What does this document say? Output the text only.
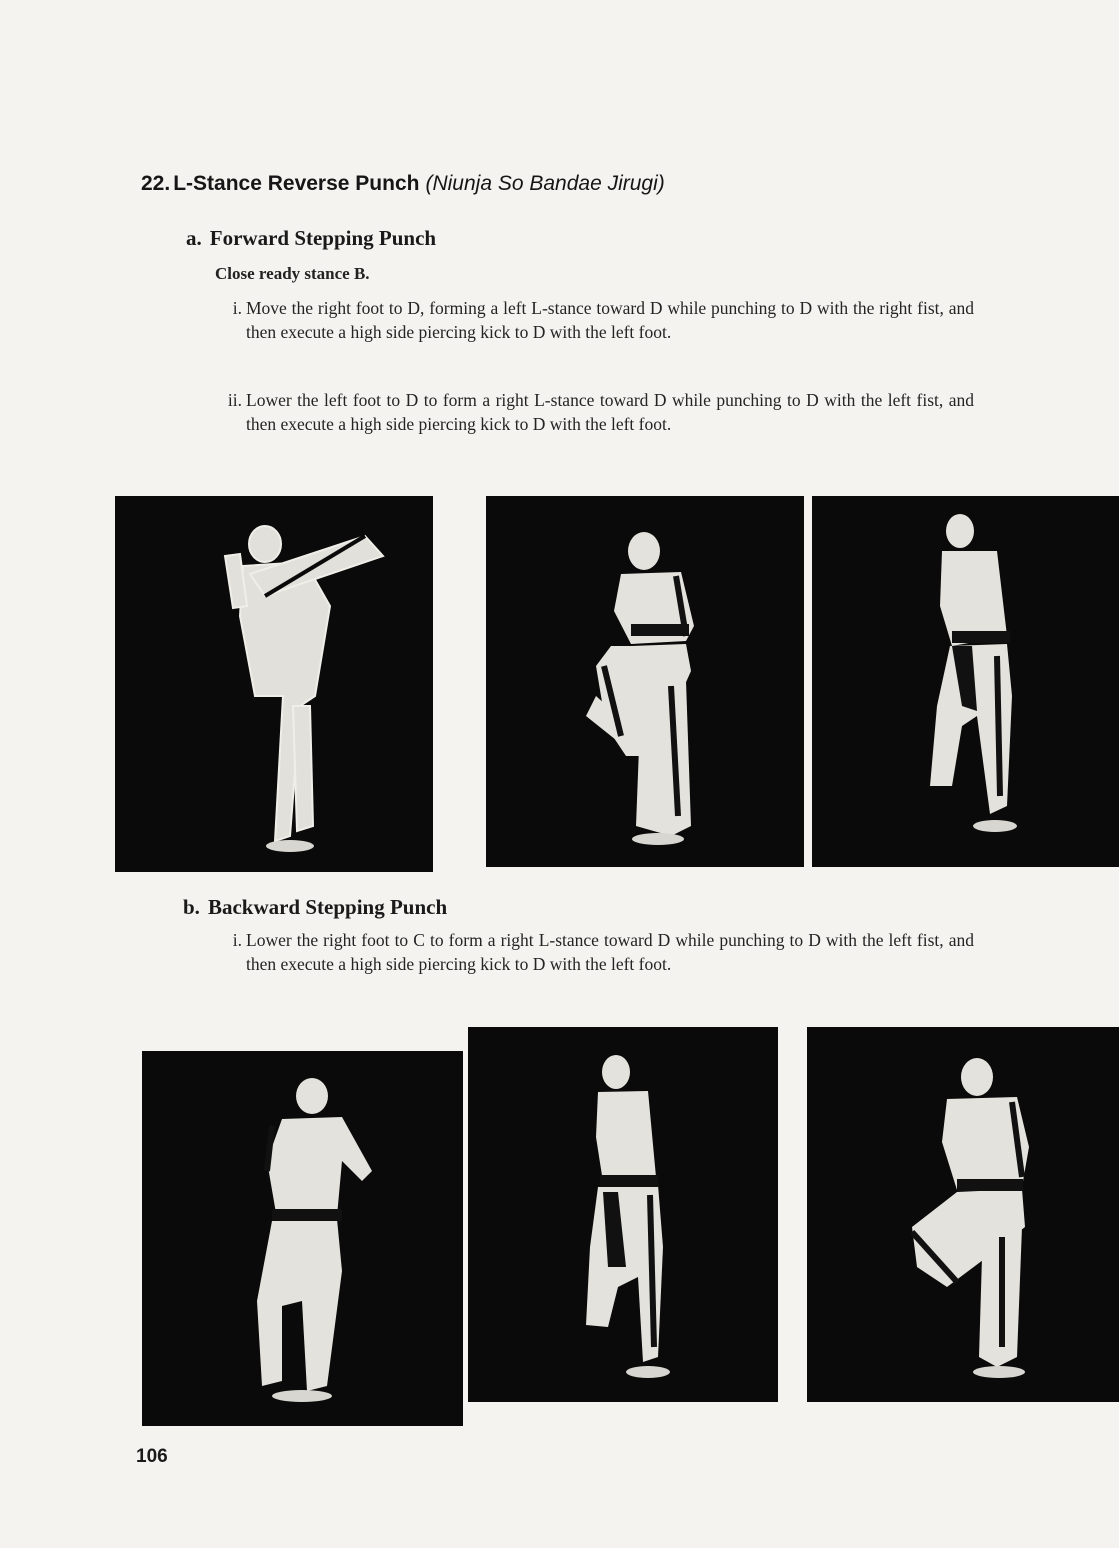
22. L-Stance Reverse Punch (Niunja So Bandae Jirugi)
a. Forward Stepping Punch
Close ready stance B.
i. Move the right foot to D, forming a left L-stance toward D while punching to D with the right fist, and then execute a high side piercing kick to D with the left foot.
ii. Lower the left foot to D to form a right L-stance toward D while punching to D with the left fist, and then execute a high side piercing kick to D with the left foot.
b. Backward Stepping Punch
i. Lower the right foot to C to form a right L-stance toward D while punching to D with the left fist, and then execute a high side piercing kick to D with the left foot.
106
